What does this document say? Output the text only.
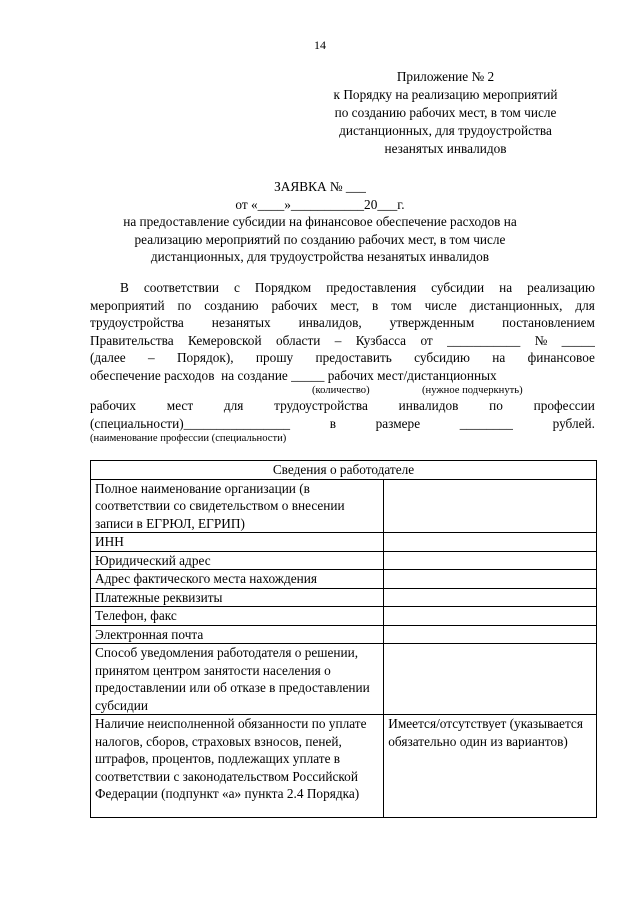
14
Приложение № 2
к Порядку на реализацию мероприятий
по созданию рабочих мест, в том числе
дистанционных, для трудоустройства
незанятых инвалидов
ЗАЯВКА № ___
от «____»___________20___г.
на предоставление субсидии на финансовое обеспечение расходов на
реализацию мероприятий по созданию рабочих мест, в том числе
дистанционных, для трудоустройства незанятых инвалидов
В соответствии с Порядком предоставления субсидии на реализацию
мероприятий по созданию рабочих мест, в том числе дистанционных, для
трудоустройства незанятых инвалидов, утвержденным постановлением
Правительства Кемеровской области – Кузбасса от ___________ № _____
(далее – Порядок), прошу предоставить субсидию на финансовое
обеспечение расходов  на создание _____ рабочих мест/дистанционных
(количество)	(нужное подчеркнуть)
рабочих мест для трудоустройства инвалидов по профессии
(специальности)________________	в	размере	________	рублей.
(наименование профессии (специальности)
Сведения о работодателе	
Полное наименование организации (в соответствии со свидетельством о внесении записи в ЕГРЮЛ, ЕГРИП)	
ИНН	
Юридический адрес	
Адрес фактического места нахождения	
Платежные реквизиты	
Телефон, факс	
Электронная почта	
Способ уведомления работодателя о решении, принятом центром занятости населения о предоставлении или об отказе в предоставлении субсидии	
Наличие неисполненной обязанности по уплате налогов, сборов, страховых взносов, пеней, штрафов, процентов, подлежащих уплате в соответствии с законодательством Российской Федерации (подпункт «а» пункта 2.4 Порядка)	Имеется/отсутствует (указывается обязательно один из вариантов)
